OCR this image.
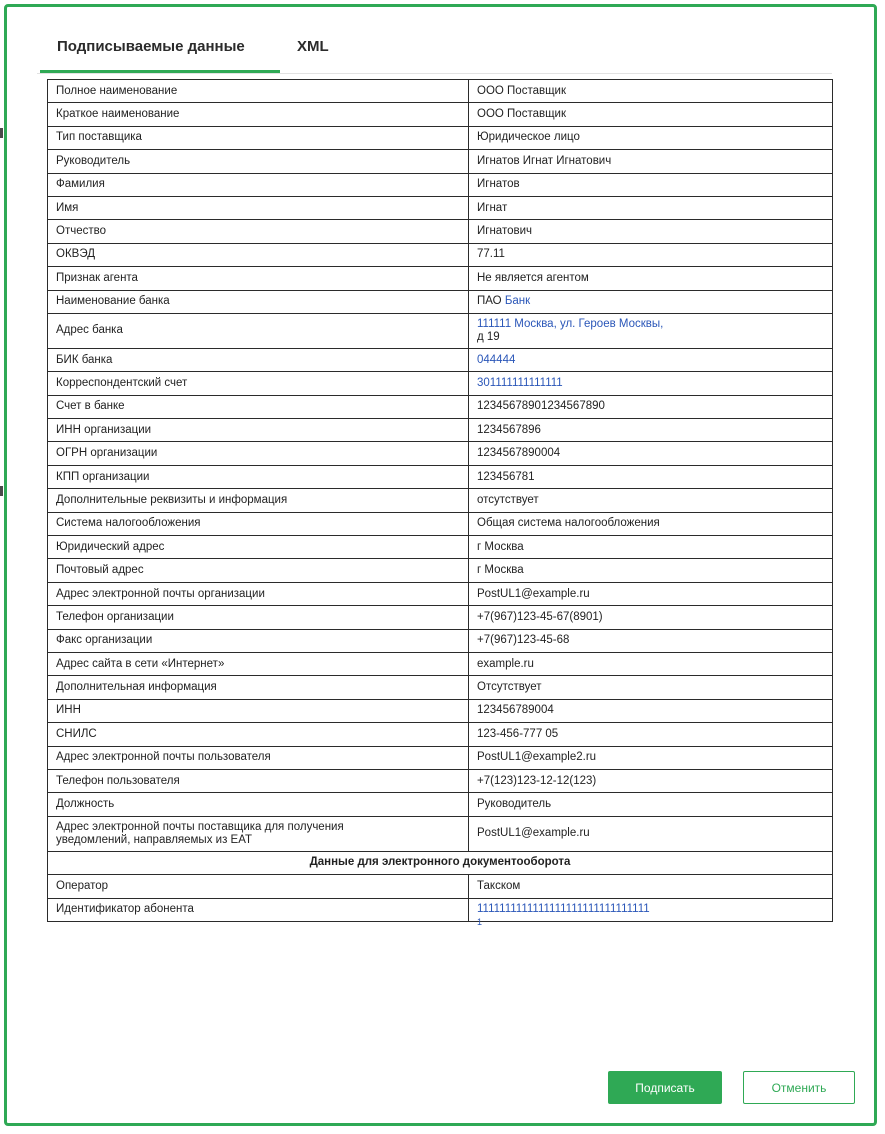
Подписываемые данные	XML
Полное наименование	ООО Поставщик
Краткое наименование	ООО Поставщик
Тип поставщика	Юридическое лицо
Руководитель	Игнатов Игнат Игнатович
Фамилия	Игнатов
Имя	Игнат
Отчество	Игнатович
ОКВЭД	77.11
Признак агента	Не является агентом
Наименование банка	ПАО Банк
Адрес банка	111111 Москва, ул. Героев Москвы,
д 19
БИК банка	044444
Корреспондентский счет	301111111111111
Счет в банке	12345678901234567890
ИНН организации	1234567896
ОГРН организации	1234567890004
КПП организации	123456781
Дополнительные реквизиты и информация	отсутствует
Система налогообложения	Общая система налогообложения
Юридический адрес	г Москва
Почтовый адрес	г Москва
Адрес электронной почты организации	PostUL1@example.ru
Телефон организации	+7(967)123-45-67(8901)
Факс организации	+7(967)123-45-68
Адрес сайта в сети «Интернет»	example.ru
Дополнительная информация	Отсутствует
ИНН	123456789004
СНИЛС	123-456-777 05
Адрес электронной почты пользователя	PostUL1@example2.ru
Телефон пользователя	+7(123)123-12-12(123)
Должность	Руководитель
Адрес электронной почты поставщика для получения
уведомлений, направляемых из ЕАТ	PostUL1@example.ru
Данные для электронного документооборота	
Оператор	Такском
Идентификатор абонента	1111111111111111111111111111111
1
Подписать	Отменить
